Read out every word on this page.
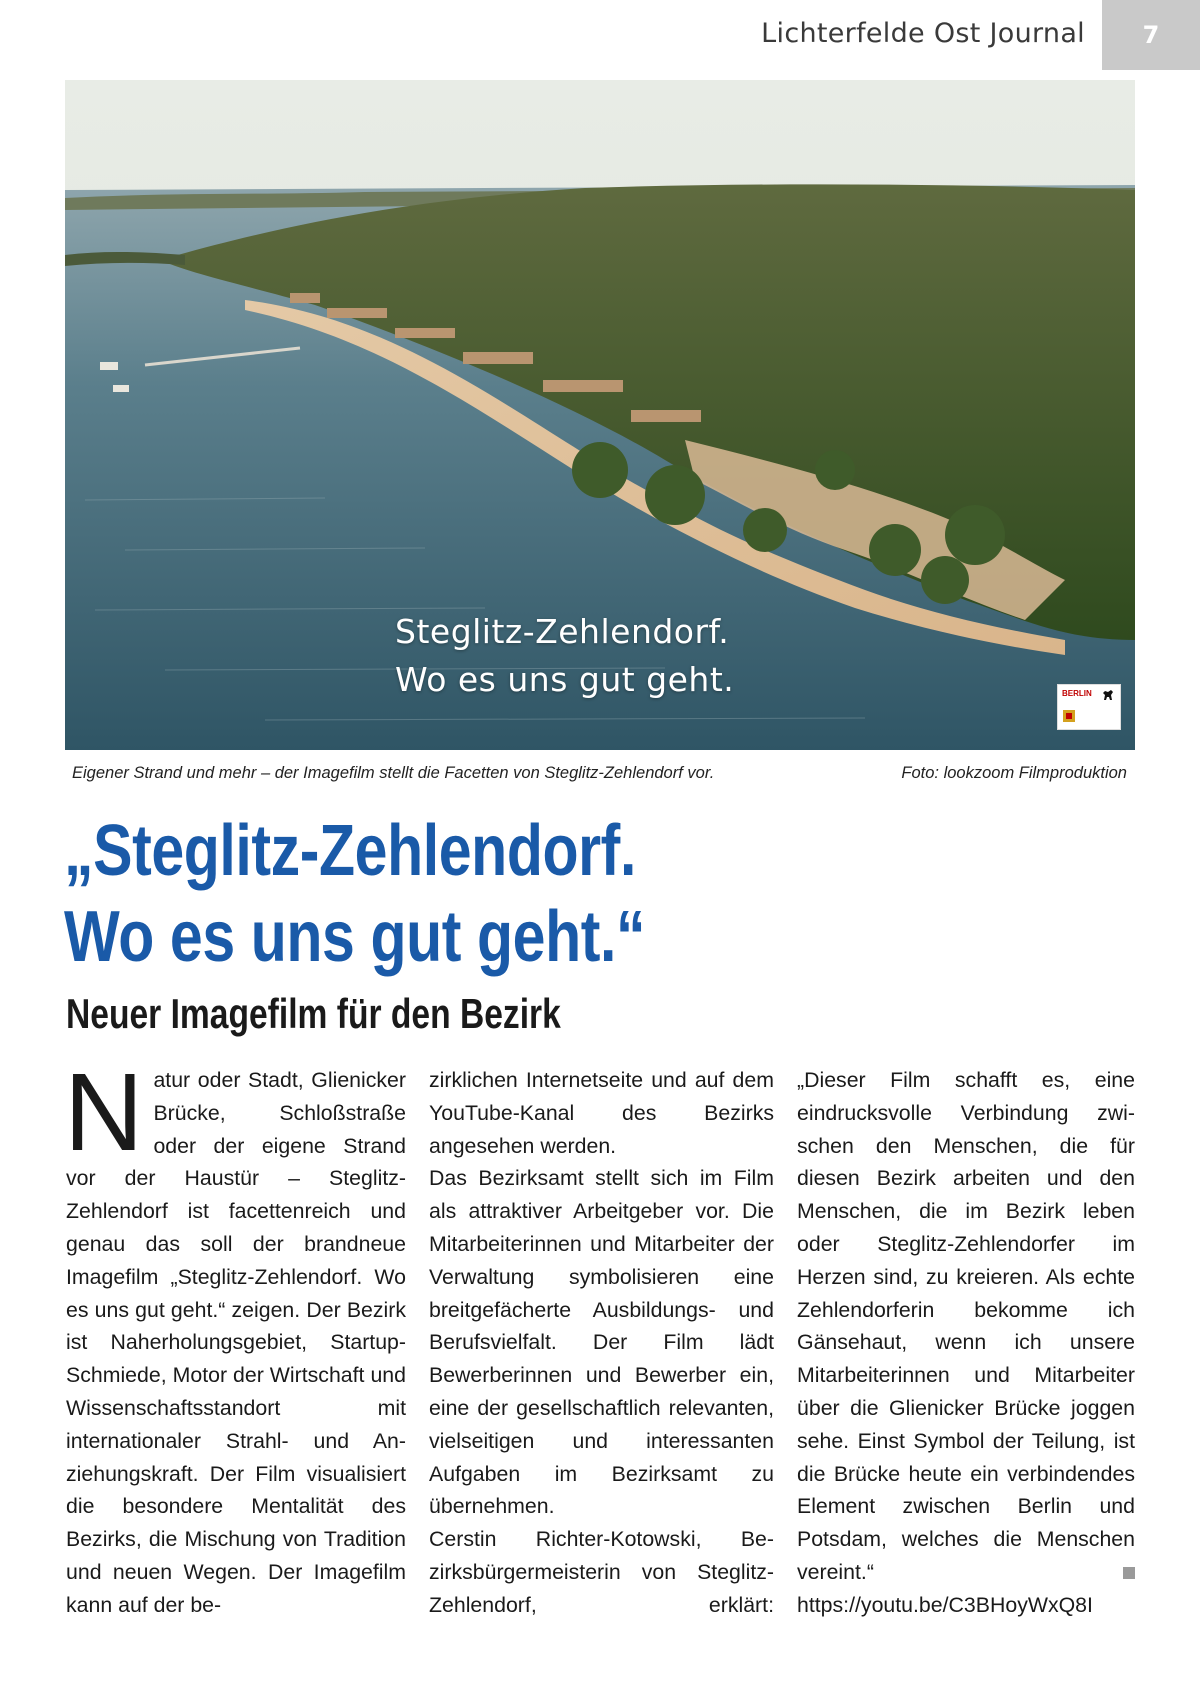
Lichterfelde Ost Journal 7
Steglitz-Zehlendorf.
Wo es uns gut geht.	BERLIN
Eigener Strand und mehr – der Imagefilm stellt die Facetten von Steglitz-Zehlendorf vor.	Foto: lookzoom Filmproduktion
„Steglitz-Zehlendorf.
Wo es uns gut geht.“
Neuer Imagefilm für den Bezirk
N atur oder Stadt, Glienicker Brücke, Schloßstraße oder der eigene Strand vor der Haustür – Steglitz-Zehlendorf ist facettenreich und genau das soll der brandneue Imagefilm „Steglitz-Zehlendorf. Wo es uns gut geht.“ zeigen. Der Bezirk ist Naherholungsgebiet, Startup-Schmiede, Motor der Wirtschaft und Wissenschaftsstandort mit internationaler Strahl- und Anziehungskraft. Der Film visualisiert die besondere Mentalität des Bezirks, die Mischung von Tradition und neuen Wegen. Der Imagefilm kann auf der be-
zirklichen Internetseite und auf dem YouTube-Kanal des Bezirks angesehen werden.
Das Bezirksamt stellt sich im Film als attraktiver Arbeitgeber vor. Die Mitarbeiterinnen und Mitarbeiter der Verwaltung symbolisieren eine breitgefächerte Ausbildungs- und Berufsvielfalt. Der Film lädt Bewerberinnen und Bewerber ein, eine der gesellschaftlich relevanten, vielseitigen und interessanten Aufgaben im Bezirksamt zu übernehmen.
Cerstin Richter-Kotowski, Bezirksbürgermeisterin von Steglitz-Zehlendorf, erklärt:
„Dieser Film schafft es, eine eindrucksvolle Verbindung zwischen den Menschen, die für diesen Bezirk arbeiten und den Menschen, die im Bezirk leben oder Steglitz-Zehlendorfer im Herzen sind, zu kreieren. Als echte Zehlendorferin bekomme ich Gänsehaut, wenn ich unsere Mitarbeiterinnen und Mitarbeiter über die Glienicker Brücke joggen sehe. Einst Symbol der Teilung, ist die Brücke heute ein verbindendes Element zwischen Berlin und Potsdam, welches die Menschen vereint.“
https://youtu.be/C3BHoyWxQ8I
